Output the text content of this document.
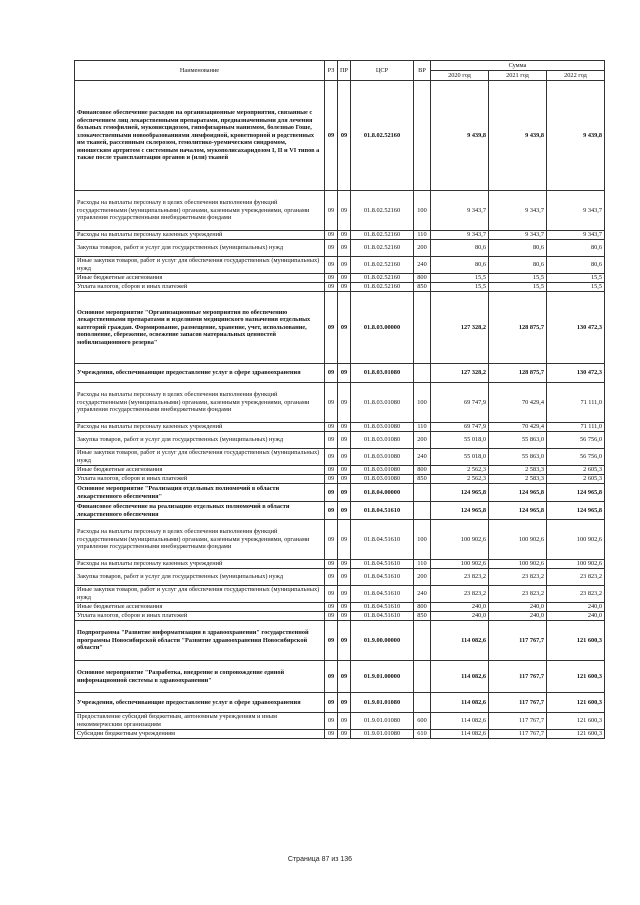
Наименование	РЗ	ПР	ЦСР	ВР	Сумма		
					2020 год	2021 год	2022 год
Финансовое обеспечение расходов на организационные мероприятия, связанные с обеспечением лиц лекарственными препаратами, предназначенными для лечения больных гемофилией, муковисцидозом, гипофизарным нанизмом, болезнью Гоше, злокачественными новообразованиями лимфоидной, кроветворной и родственных им тканей, рассеянным склерозом, гемолитико-уремическим синдромом, юношеским артритом с системным началом, мукополисахаридозом I, II и VI типов а также после трансплантации органов и (или) тканей	09	09	01.8.02.52160		9 439,8	9 439,8	9 439,8
Расходы на выплаты персоналу в целях обеспечения выполнения функций государственными (муниципальными) органами, казенными учреждениями, органами управления государственными внебюджетными фондами	09	09	01.8.02.52160	100	9 343,7	9 343,7	9 343,7
Расходы на выплаты персоналу казенных учреждений	09	09	01.8.02.52160	110	9 343,7	9 343,7	9 343,7
Закупка товаров, работ и услуг для государственных (муниципальных) нужд	09	09	01.8.02.52160	200	80,6	80,6	80,6
Иные закупки товаров, работ и услуг для обеспечения государственных (муниципальных) нужд	09	09	01.8.02.52160	240	80,6	80,6	80,6
Иные бюджетные ассигнования	09	09	01.8.02.52160	800	15,5	15,5	15,5
Уплата налогов, сборов и иных платежей	09	09	01.8.02.52160	850	15,5	15,5	15,5
Основное мероприятие "Организационные мероприятия по обеспечению лекарственными препаратами и изделиями медицинского назначения отдельных категорий граждан. Формирование, размещение, хранение, учет, использование, пополнение, сбережение, освежение запасов материальных ценностей мобилизационного резерва"	09	09	01.8.03.00000		127 328,2	128 875,7	130 472,3
Учреждения, обеспечивающие предоставление услуг в сфере здравоохранения	09	09	01.8.03.01080		127 328,2	128 875,7	130 472,3
Расходы на выплаты персоналу в целях обеспечения выполнения функций государственными (муниципальными) органами, казенными учреждениями, органами управления государственными внебюджетными фондами	09	09	01.8.03.01080	100	69 747,9	70 429,4	71 111,0
Расходы на выплаты персоналу казенных учреждений	09	09	01.8.03.01080	110	69 747,9	70 429,4	71 111,0
Закупка товаров, работ и услуг для государственных (муниципальных) нужд	09	09	01.8.03.01080	200	55 018,0	55 863,0	56 756,0
Иные закупки товаров, работ и услуг для обеспечения государственных (муниципальных) нужд	09	09	01.8.03.01080	240	55 018,0	55 863,0	56 756,0
Иные бюджетные ассигнования	09	09	01.8.03.01080	800	2 562,3	2 583,3	2 605,3
Уплата налогов, сборов и иных платежей	09	09	01.8.03.01080	850	2 562,3	2 583,3	2 605,3
Основное мероприятие "Реализация отдельных полномочий в области лекарственного обеспечения"	09	09	01.8.04.00000		124 965,8	124 965,8	124 965,8
Финансовое обеспечение на реализацию отдельных полномочий в области лекарственного обеспечения	09	09	01.8.04.51610		124 965,8	124 965,8	124 965,8
Расходы на выплаты персоналу в целях обеспечения выполнения функций государственными (муниципальными) органами, казенными учреждениями, органами управления государственными внебюджетными фондами	09	09	01.8.04.51610	100	100 902,6	100 902,6	100 902,6
Расходы на выплаты персоналу казенных учреждений	09	09	01.8.04.51610	110	100 902,6	100 902,6	100 902,6
Закупка товаров, работ и услуг для государственных (муниципальных) нужд	09	09	01.8.04.51610	200	23 823,2	23 823,2	23 823,2
Иные закупки товаров, работ и услуг для обеспечения государственных (муниципальных) нужд	09	09	01.8.04.51610	240	23 823,2	23 823,2	23 823,2
Иные бюджетные ассигнования	09	09	01.8.04.51610	800	240,0	240,0	240,0
Уплата налогов, сборов и иных платежей	09	09	01.8.04.51610	850	240,0	240,0	240,0
Подпрограмма "Развитие информатизации в здравоохранении" государственной программы Новосибирской области "Развитие здравоохранения Новосибирской области"	09	09	01.9.00.00000		114 082,6	117 767,7	121 600,3
Основное мероприятие "Разработка, внедрение и сопровождение единой информационной системы в здравоохранении"	09	09	01.9.01.00000		114 082,6	117 767,7	121 600,3
Учреждения, обеспечивающие предоставление услуг в сфере здравоохранения	09	09	01.9.01.01080		114 082,6	117 767,7	121 600,3
Предоставление субсидий бюджетным, автономным учреждениям и иным некоммерческим организациям	09	09	01.9.01.01080	600	114 082,6	117 767,7	121 600,3
Субсидии бюджетным учреждениям	09	09	01.9.01.01080	610	114 082,6	117 767,7	121 600,3
Страница 87 из 136
